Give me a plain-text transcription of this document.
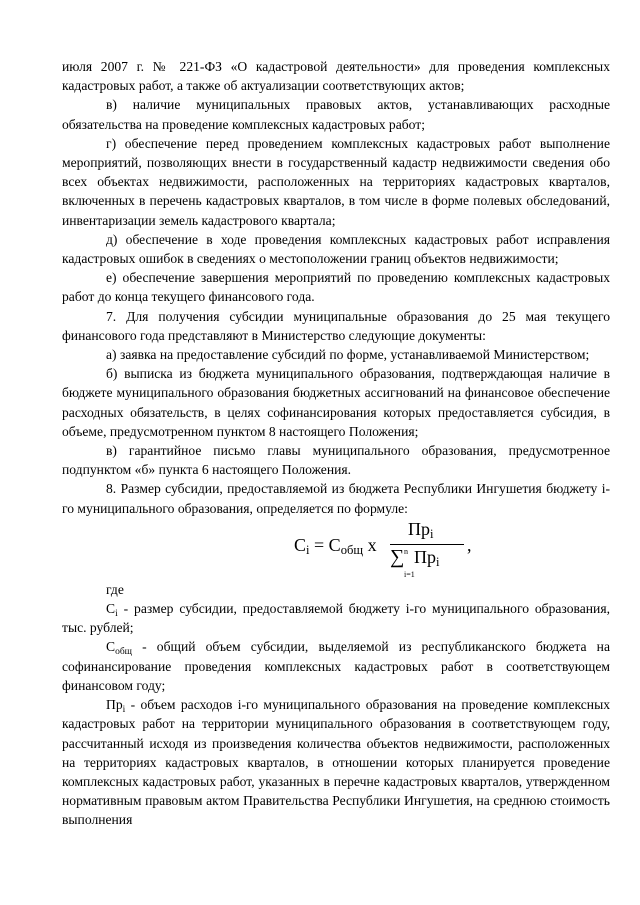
июля 2007 г. № 221-ФЗ «О кадастровой деятельности» для проведения комплексных кадастровых работ, а также об актуализации соответствующих актов;

в) наличие муниципальных правовых актов, устанавливающих расходные обязательства на проведение комплексных кадастровых работ;

г) обеспечение перед проведением комплексных кадастровых работ выполнение мероприятий, позволяющих внести в государственный кадастр недвижимости сведения обо всех объектах недвижимости, расположенных на территориях кадастровых кварталов, включенных в перечень кадастровых кварталов, в том числе в форме полевых обследований, инвентаризации земель кадастрового квартала;

д) обеспечение в ходе проведения комплексных кадастровых работ исправления кадастровых ошибок в сведениях о местоположении границ объектов недвижимости;

е) обеспечение завершения мероприятий по проведению комплексных кадастровых работ до конца текущего финансового года.

7. Для получения субсидии муниципальные образования до 25 мая текущего финансового года представляют в Министерство следующие документы:

а) заявка на предоставление субсидий по форме, устанавливаемой Министерством;

б) выписка из бюджета муниципального образования, подтверждающая наличие в бюджете муниципального образования бюджетных ассигнований на финансовое обеспечение расходных обязательств, в целях софинансирования которых предоставляется субсидия, в объеме, предусмотренном пунктом 8 настоящего Положения;

в) гарантийное письмо главы муниципального образования, предусмотренное подпунктом «б» пункта 6 настоящего Положения.

8. Размер субсидии, предоставляемой из бюджета Республики Ингушетия бюджету i-го муниципального образования, определяется по формуле:

$C_i = C_{общ}$ x
$Пр_i$
∑ n
i=1
$Пр_i$
,

где

$C_i$ - размер субсидии, предоставляемой бюджету i-го муниципального образования, тыс. рублей;

$C_{общ}$ - общий объем субсидии, выделяемой из республиканского бюджета на софинансирование проведения комплексных кадастровых работ в соответствующем финансовом году;

$Пр_i$ - объем расходов i-го муниципального образования на проведение комплексных кадастровых работ на территории муниципального образования в соответствующем году, рассчитанный исходя из произведения количества объектов недвижимости, расположенных на территориях кадастровых кварталов, в отношении которых планируется проведение комплексных кадастровых работ, указанных в перечне кадастровых кварталов, утвержденном нормативным правовым актом Правительства Республики Ингушетия, на среднюю стоимость выполнения
